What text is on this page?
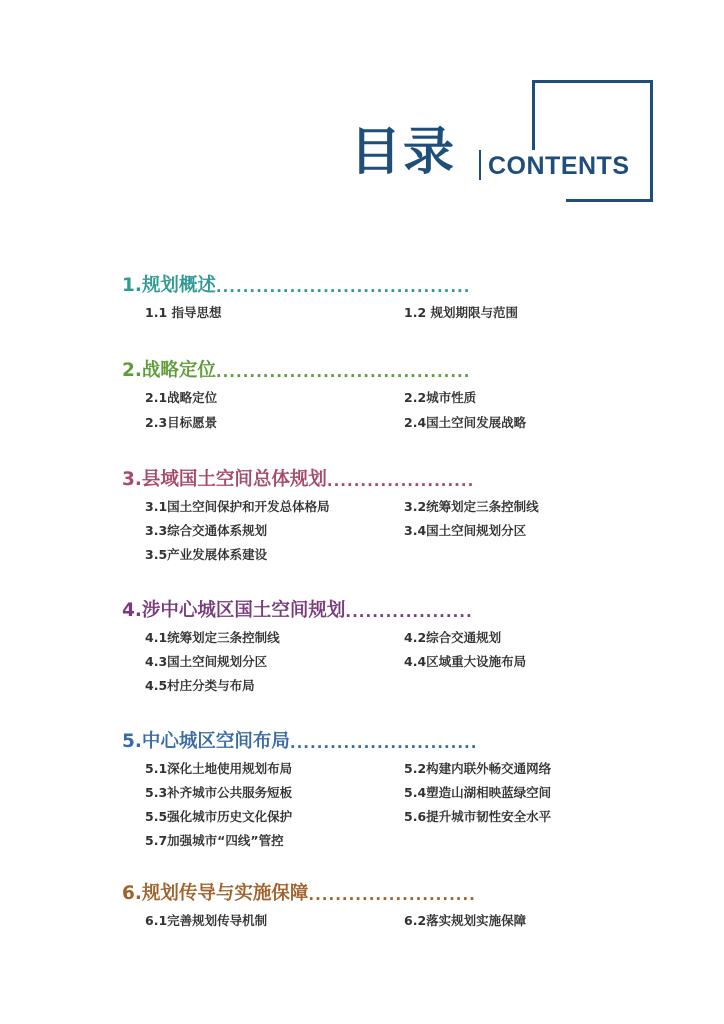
目录	CONTENTS
1.规划概述 ......................................
1.1 指导思想	1.2 规划期限与范围
2.战略定位 ......................................
2.1战略定位	2.2城市性质
2.3目标愿景	2.4国土空间发展战略
3.县域国土空间总体规划 ......................
3.1国土空间保护和开发总体格局	3.2统筹划定三条控制线
3.3综合交通体系规划	3.4国土空间规划分区
3.5产业发展体系建设
4.涉中心城区国土空间规划 ...................
4.1统筹划定三条控制线	4.2综合交通规划
4.3国土空间规划分区	4.4区域重大设施布局
4.5村庄分类与布局
5.中心城区空间布局 ............................
5.1深化土地使用规划布局	5.2构建内联外畅交通网络
5.3补齐城市公共服务短板	5.4塑造山湖相映蓝绿空间
5.5强化城市历史文化保护	5.6提升城市韧性安全水平
5.7加强城市“四线”管控
6.规划传导与实施保障 .........................
6.1完善规划传导机制	6.2落实规划实施保障
